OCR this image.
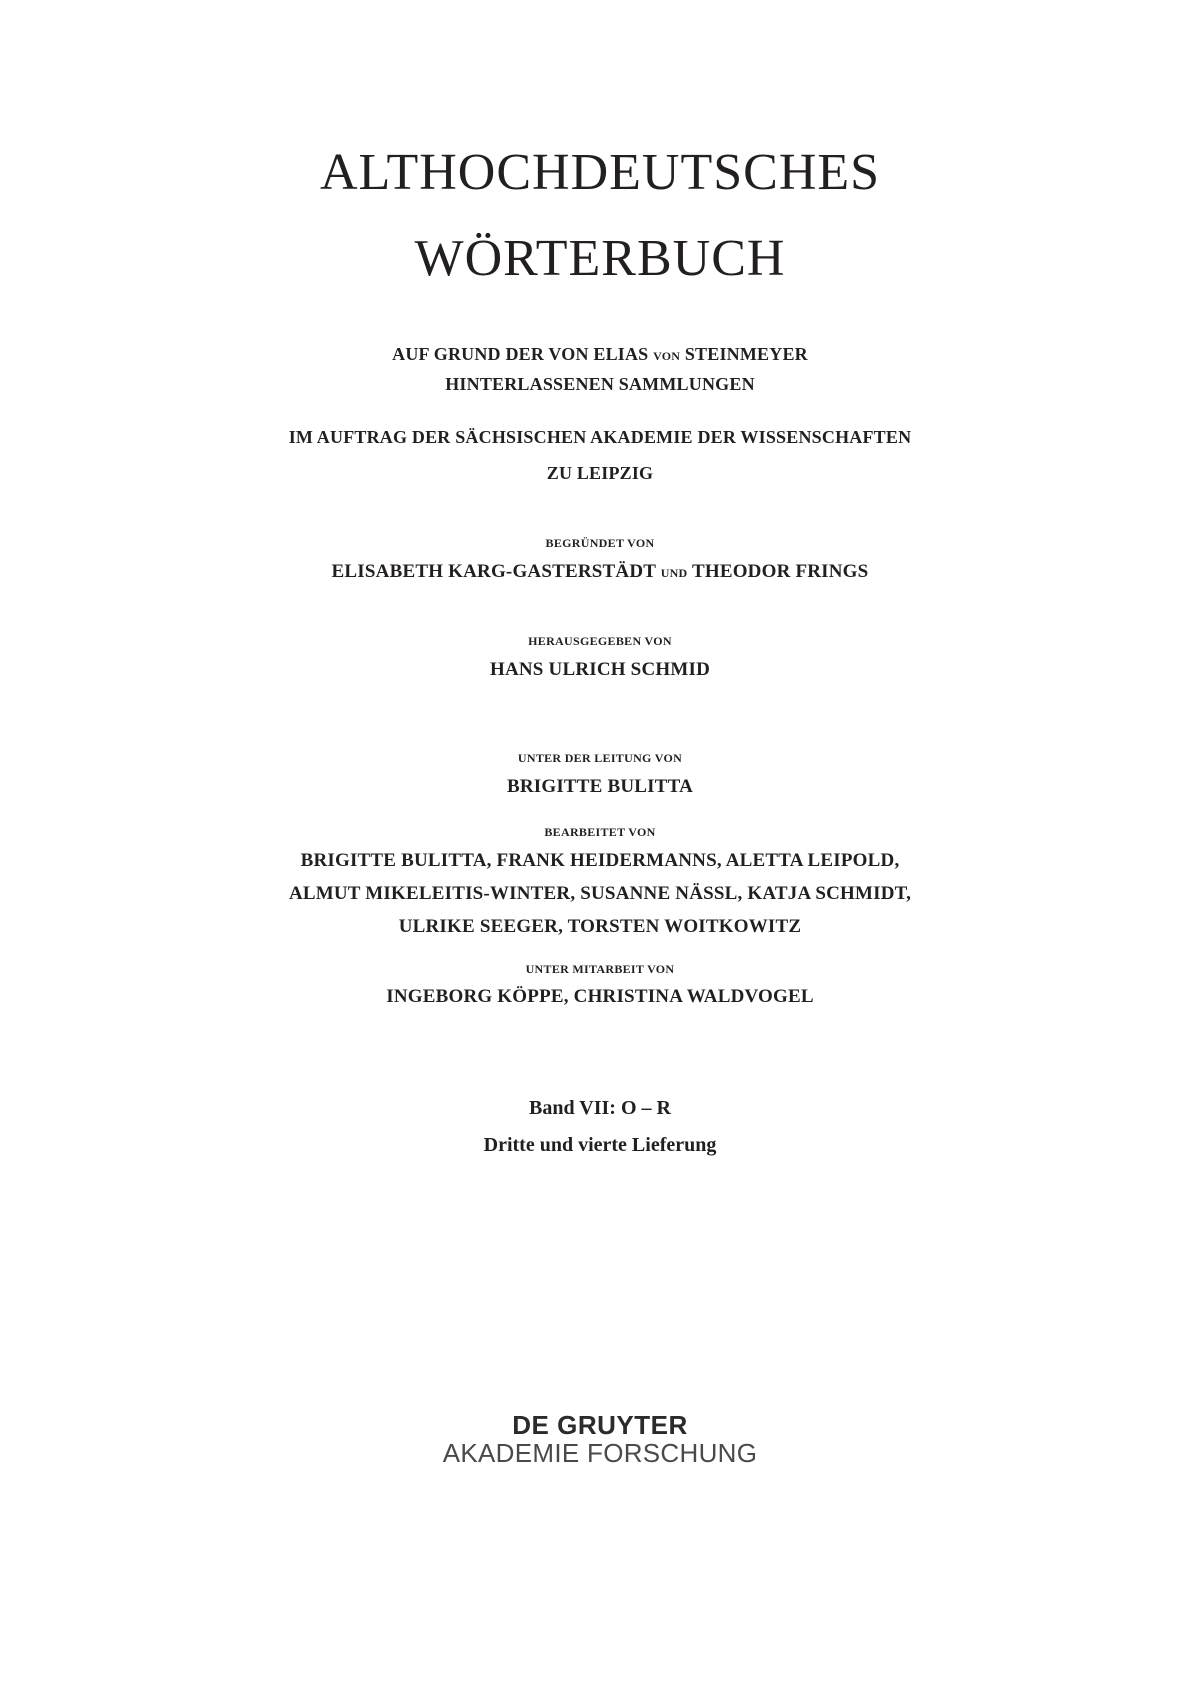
ALTHOCHDEUTSCHES
WÖRTERBUCH
AUF GRUND DER VON ELIAS VON STEINMEYER
HINTERLASSENEN SAMMLUNGEN
IM AUFTRAG DER SÄCHSISCHEN AKADEMIE DER WISSENSCHAFTEN
ZU LEIPZIG
BEGRÜNDET VON
ELISABETH KARG-GASTERSTÄDT UND THEODOR FRINGS
HERAUSGEGEBEN VON
HANS ULRICH SCHMID
UNTER DER LEITUNG VON
BRIGITTE BULITTA
BEARBEITET VON
BRIGITTE BULITTA, FRANK HEIDERMANNS, ALETTA LEIPOLD,
ALMUT MIKELEITIS-WINTER, SUSANNE NÄSSL, KATJA SCHMIDT,
ULRIKE SEEGER, TORSTEN WOITKOWITZ
UNTER MITARBEIT VON
INGEBORG KÖPPE, CHRISTINA WALDVOGEL
Band VII: O – R
Dritte und vierte Lieferung
DE GRUYTER
AKADEMIE FORSCHUNG
